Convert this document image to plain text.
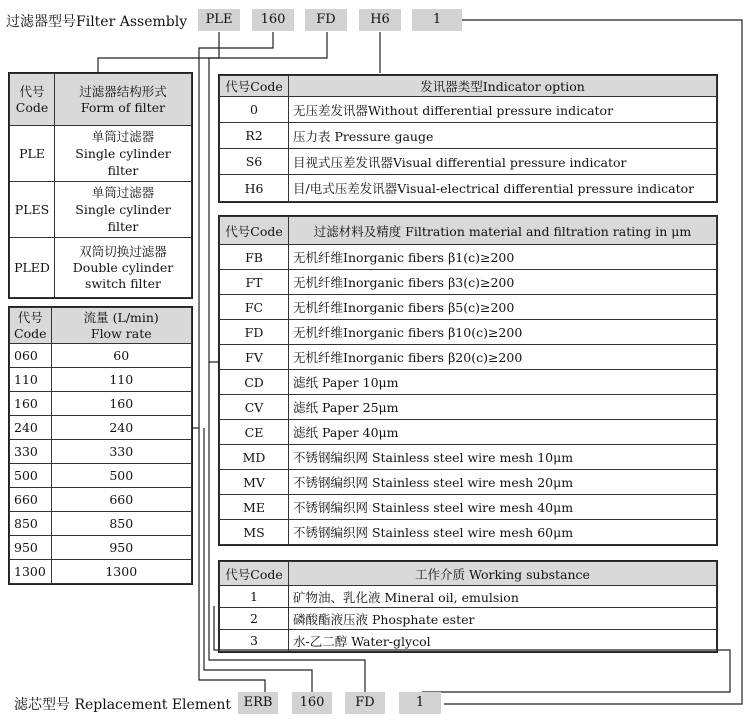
过滤器型号Filter Assembly	PLE	160	FD	H6	1
代号
Code	过滤器结构形式
Form of filter
PLE	单筒过滤器
Single cylinder filter
PLES	单筒过滤器
Single cylinder filter
PLED	双筒切换过滤器
Double cylinder
switch filter
代号
Code	流量 (L/min)
Flow rate
060	60
110	110
160	160
240	240
330	330
500	500
660	660
850	850
950	950
1300	1300
代号Code	发讯器类型Indicator option
0	无压差发讯器Without differential pressure indicator
R2	压力表 Pressure gauge
S6	目视式压差发讯器Visual differential pressure indicator
H6	目/电式压差发讯器Visual-electrical differential pressure indicator
代号Code	过滤材料及精度 Filtration material and filtration rating in μm
FB	无机纤维Inorganic fibers β1(c)≥200
FT	无机纤维Inorganic fibers β3(c)≥200
FC	无机纤维Inorganic fibers β5(c)≥200
FD	无机纤维Inorganic fibers β10(c)≥200
FV	无机纤维Inorganic fibers β20(c)≥200
CD	滤纸 Paper 10μm
CV	滤纸 Paper 25μm
CE	滤纸 Paper 40μm
MD	不锈钢编织网 Stainless steel wire mesh 10μm
MV	不锈钢编织网 Stainless steel wire mesh 20μm
ME	不锈钢编织网 Stainless steel wire mesh 40μm
MS	不锈钢编织网 Stainless steel wire mesh 60μm
代号Code	工作介质 Working substance
1	矿物油、乳化液 Mineral oil, emulsion
2	磷酸酯液压液 Phosphate ester
3	水-乙二醇 Water-glycol
滤芯型号 Replacement Element ERB	160	FD	1
